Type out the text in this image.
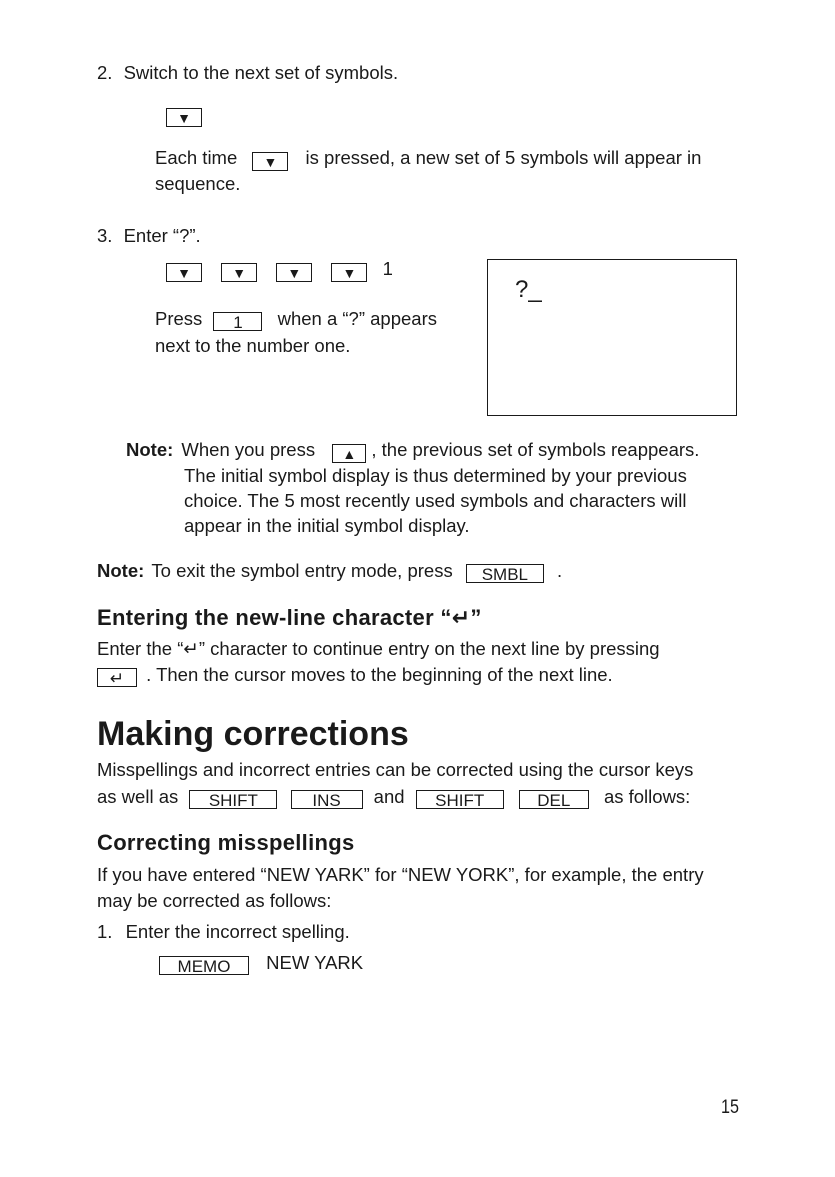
2. Switch to the next set of symbols.
▼
Each time ▼ is pressed, a new set of 5 symbols will appear in
sequence.
3. Enter “?”.
▼	▼	▼	▼ 1
Press 1 when a “?” appears
next to the number one.
?_
Note: When you press ▲ , the previous set of symbols reappears.
The initial symbol display is thus determined by your previous
choice. The 5 most recently used symbols and characters will
appear in the initial symbol display.
Note: To exit the symbol entry mode, press SMBL .
Entering the new-line character “↵”
Enter the “↵” character to continue entry on the next line by pressing
↵ . Then the cursor moves to the beginning of the next line.
Making corrections
Misspellings and incorrect entries can be corrected using the cursor keys
as well as SHIFT	INS and SHIFT	DEL as follows:
Correcting misspellings
If you have entered “NEW YARK” for “NEW YORK”, for example, the entry
may be corrected as follows:
1. Enter the incorrect spelling.
MEMO NEW YARK
15
